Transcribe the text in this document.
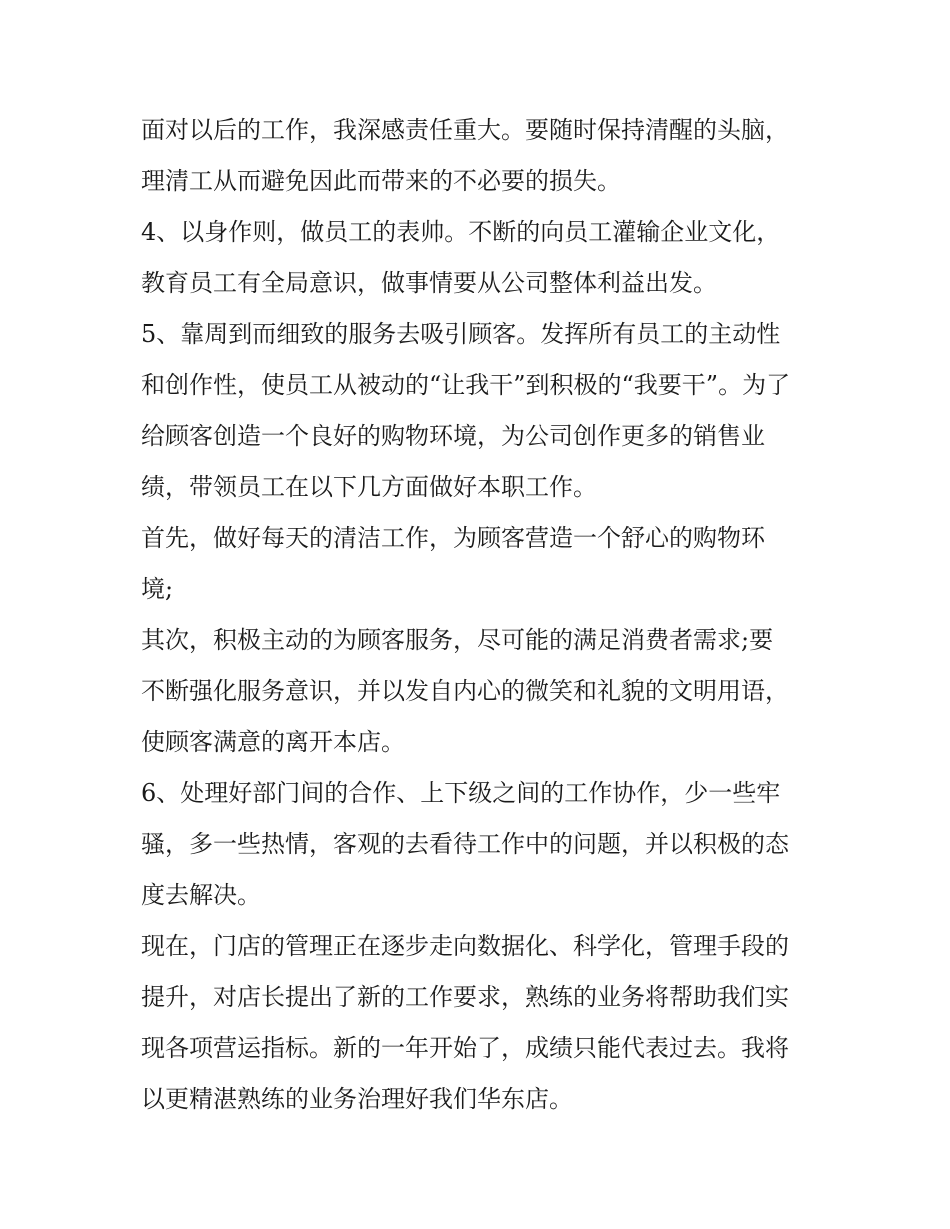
面对以后的工作，我深感责任重大。要随时保持清醒的头脑，
理清工从而避免因此而带来的不必要的损失。
4、以身作则，做员工的表帅。不断的向员工灌输企业文化，
教育员工有全局意识，做事情要从公司整体利益出发。
5、靠周到而细致的服务去吸引顾客。发挥所有员工的主动性
和创作性，使员工从被动的“让我干”到积极的“我要干”。为了
给顾客创造一个良好的购物环境，为公司创作更多的销售业
绩，带领员工在以下几方面做好本职工作。
首先，做好每天的清洁工作，为顾客营造一个舒心的购物环
境;
其次，积极主动的为顾客服务，尽可能的满足消费者需求;要
不断强化服务意识，并以发自内心的微笑和礼貌的文明用语，
使顾客满意的离开本店。
6、处理好部门间的合作、上下级之间的工作协作，少一些牢
骚，多一些热情，客观的去看待工作中的问题，并以积极的态
度去解决。
现在，门店的管理正在逐步走向数据化、科学化，管理手段的
提升，对店长提出了新的工作要求，熟练的业务将帮助我们实
现各项营运指标。新的一年开始了，成绩只能代表过去。我将
以更精湛熟练的业务治理好我们华东店。
